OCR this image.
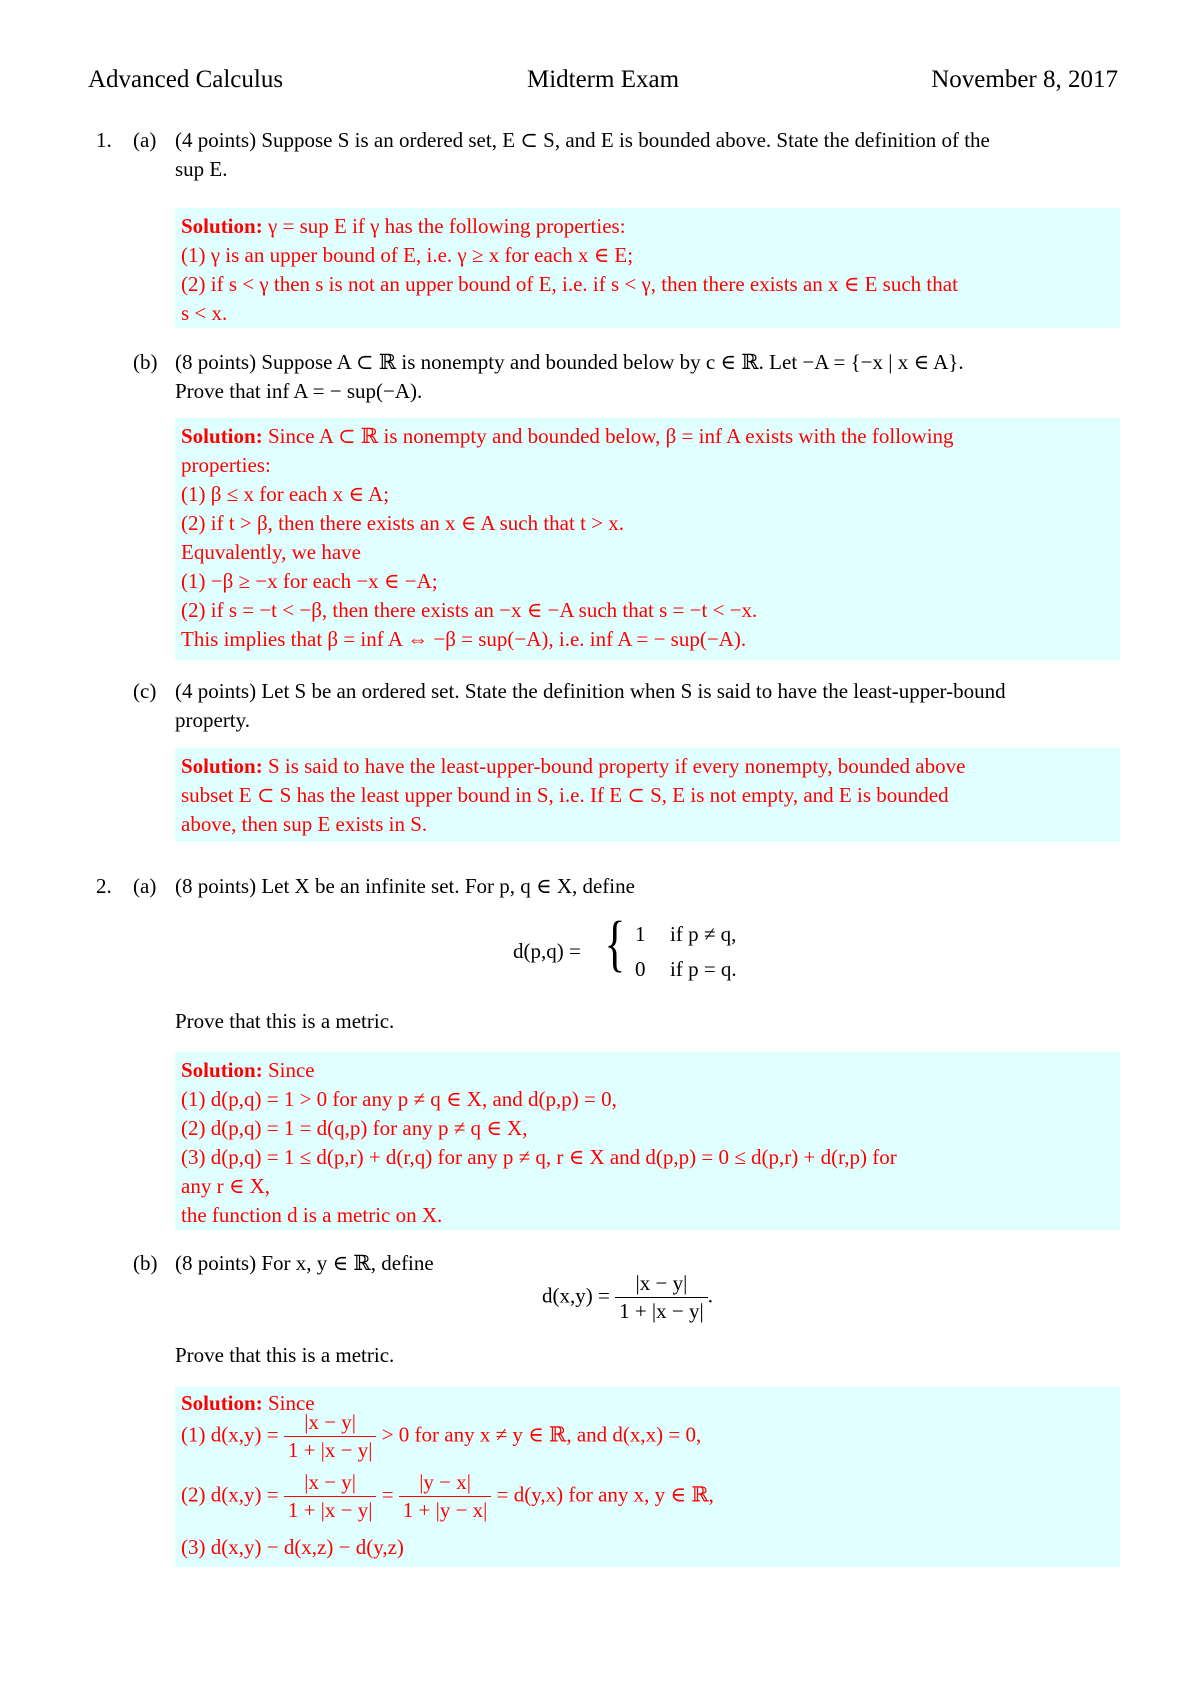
Advanced Calculus	Midterm Exam	November 8, 2017
1. (a) (4 points) Suppose S is an ordered set, E ⊂ S, and E is bounded above. State the definition of the
sup E.
Solution: γ = sup E if γ has the following properties:
(1) γ is an upper bound of E, i.e. γ ≥ x for each x ∈ E;
(2) if s < γ then s is not an upper bound of E, i.e. if s < γ, then there exists an x ∈ E such that
s < x.
(b) (8 points) Suppose A ⊂ ℝ is nonempty and bounded below by c ∈ ℝ. Let −A = {−x | x ∈ A}.
Prove that inf A = − sup(−A).
Solution: Since A ⊂ ℝ is nonempty and bounded below, β = inf A exists with the following
properties:
(1) β ≤ x for each x ∈ A;
(2) if t > β, then there exists an x ∈ A such that t > x.
Equvalently, we have
(1) −β ≥ −x for each −x ∈ −A;
(2) if s = −t < −β, then there exists an −x ∈ −A such that s = −t < −x.
This implies that β = inf A ⇔ −β = sup(−A), i.e. inf A = − sup(−A).
(c) (4 points) Let S be an ordered set. State the definition when S is said to have the least-upper-bound
property.
Solution: S is said to have the least-upper-bound property if every nonempty, bounded above
subset E ⊂ S has the least upper bound in S, i.e. If E ⊂ S, E is not empty, and E is bounded
above, then sup E exists in S.
2. (a) (8 points) Let X be an infinite set. For p, q ∈ X, define
d(p,q) = { 1 if p ≠ q,
0 if p = q.
Prove that this is a metric.
Solution: Since
(1) d(p,q) = 1 > 0 for any p ≠ q ∈ X, and d(p,p) = 0,
(2) d(p,q) = 1 = d(q,p) for any p ≠ q ∈ X,
(3) d(p,q) = 1 ≤ d(p,r) + d(r,q) for any p ≠ q, r ∈ X and d(p,p) = 0 ≤ d(p,r) + d(r,p) for
any r ∈ X,
the function d is a metric on X.
(b) (8 points) For x, y ∈ ℝ, define
$d(x,y) = \frac{|x - y|}{1 + |x - y|}$ .
Prove that this is a metric.
Solution: Since
(1) $d(x,y) = \frac{|x - y|}{1 + |x - y|} > 0$ for any x ≠ y ∈ ℝ, and d(x,x) = 0,
(2) $d(x,y) = \frac{|x - y|}{1 + |x - y|} = \frac{|y - x|}{1 + |y - x|} = d(y,x)$ for any x, y ∈ ℝ,
(3) d(x,y) − d(x,z) − d(y,z)
